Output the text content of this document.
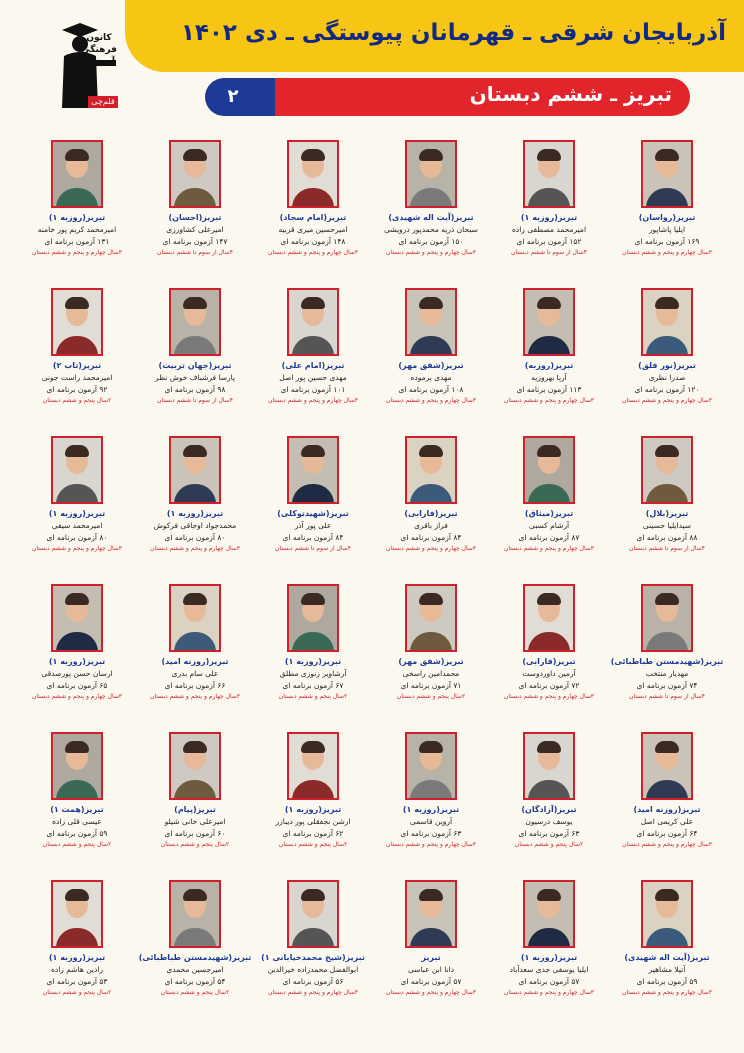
آذربایجان شرقی ـ قهرمانان پیوستگی ـ دی ۱۴۰۲
تبریز ـ ششم دبستان
۲
کانون
فرهنگی
آموزش
قلم‌چی
تبریز(رواسان)
ایلیا پاشاپور
۱۶۹ آزمون برنامه ای
۳سال چهارم و پنجم و ششم دبستان
تبریز(روزبه ۱)
امیرمحمد مصطفی زاده
۱۵۲ آزمون برنامه ای
۴سال از سوم تا ششم دبستان
تبریز(آیت اله شهیدی)
سبحان ذریه محمدپور درویشی
۱۵۰ آزمون برنامه ای
۳سال چهارم و پنجم و ششم دبستان
تبریز(امام سجاد)
امیرحسین میری قربیه
۱۴۸ آزمون برنامه ای
۳سال چهارم و پنجم و ششم دبستان
تبریز(احسان)
امیرعلی کشاورزی
۱۴۷ آزمون برنامه ای
۴سال از سوم تا ششم دبستان
تبریز(روزبه ۱)
امیرمحمد کریم پور خامنه
۱۳۱ آزمون برنامه ای
۳سال چهارم و پنجم و ششم دبستان
تبریز(نور فلق)
صدرا نظری
۱۲۰ آزمون برنامه ای
۳سال چهارم و پنجم و ششم دبستان
تبریز(روزبه)
آریا بهروزیه
۱۱۳ آزمون برنامه ای
۳سال چهارم و پنجم و ششم دبستان
تبریز(شفق مهر)
مهدی برموده
۱۰۸ آزمون برنامه ای
۳سال چهارم و پنجم و ششم دبستان
تبریز(امام علی)
مهدی حسین پور اصل
۱۰۱ آزمون برنامه ای
۳سال چهارم و پنجم و ششم دبستان
تبریز(جهان تربیت)
پارسا فرشباف خوش نظر
۹۸ آزمون برنامه ای
۴سال از سوم تا ششم دبستان
تبریز(تاب ۲)
امیرمحمد راست جونی
۹۲ آزمون برنامه ای
۲سال پنجم و ششم دبستان
تبریز(بلال)
سیدایلیا حسینی
۸۸ آزمون برنامه ای
۴سال از سوم تا ششم دبستان
تبریز(میثاق)
آرشام کسبی
۸۷ آزمون برنامه ای
۳سال چهارم و پنجم و ششم دبستان
تبریز(فارابی)
فراز باقری
۸۴ آزمون برنامه ای
۳سال چهارم و پنجم و ششم دبستان
تبریز(شهیدتوکلی)
علی پور آذر
۸۴ آزمون برنامه ای
۴سال از سوم تا ششم دبستان
تبریز(روزبه ۱)
محمدجواد اوجاقی فرکوش
۸۰ آزمون برنامه ای
۳سال چهارم و پنجم و ششم دبستان
تبریز(روزبه ۱)
امیرمحمد سیفی
۸۰ آزمون برنامه ای
۳سال چهارم و پنجم و ششم دبستان
تبریز(شهیدمستن طباطبائی)
مهدیار منتخب
۷۴ آزمون برنامه ای
۴سال از سوم تا ششم دبستان
تبریز(فارابی)
آرمین داوردوست
۷۲ آزمون برنامه ای
۳سال چهارم و پنجم و ششم دبستان
تبریز(شفق مهر)
محمدامین راسخی
۷۱ آزمون برنامه ای
۲سال پنجم و ششم دبستان
تبریز(روزبه ۱)
آرشاویر زنوزی مطلق
۶۷ آزمون برنامه ای
۲سال پنجم و ششم دبستان
تبریز(روزنه امید)
علی سام بدری
۶۶ آزمون برنامه ای
۳سال چهارم و پنجم و ششم دبستان
تبریز(روزبه ۱)
ارسان حسن پورصدقی
۶۵ آزمون برنامه ای
۳سال چهارم و پنجم و ششم دبستان
تبریز(روزنه امید)
علی کریمی اصل
۶۴ آزمون برنامه ای
۳سال چهارم و پنجم و ششم دبستان
تبریز(آزادگان)
یوسف درسیون
۶۳ آزمون برنامه ای
۲سال پنجم و ششم دبستان
تبریز(روزبه ۱)
آروین قاسمی
۶۳ آزمون برنامه ای
۳سال چهارم و پنجم و ششم دبستان
تبریز(روزبه ۱)
ارشن نجفقلی پور دیبازر
۶۲ آزمون برنامه ای
۲سال پنجم و ششم دبستان
تبریز(پیام)
امیرعلی خانی شیلو
۶۰ آزمون برنامه ای
۲سال پنجم و ششم دبستان
تبریز(همت ۱)
عیسی قلی زاده
۵۹ آزمون برنامه ای
۲سال پنجم و ششم دبستان
تبریز(آیت اله شهیدی)
آتیلا مشاهیر
۵۹ آزمون برنامه ای
۳سال چهارم و پنجم و ششم دبستان
تبریز(روزبه ۱)
ایلیا یوسفی جدی سعدآباد
۵۷ آزمون برنامه ای
۳سال چهارم و پنجم و ششم دبستان
تبریز
دانا ابن عباسی
۵۷ آزمون برنامه ای
۳سال چهارم و پنجم و ششم دبستان
تبریز(شیخ محمدخیابانی ۱)
ابوالفضل محمدزاده خیرالدین
۵۶ آزمون برنامه ای
۳سال چهارم و پنجم و ششم دبستان
تبریز(شهیدمستن طباطبائی)
امیرحسین محمدی
۵۴ آزمون برنامه ای
۲سال پنجم و ششم دبستان
تبریز(روزبه ۱)
رادین هاشم زاده
۵۳ آزمون برنامه ای
۲سال پنجم و ششم دبستان
